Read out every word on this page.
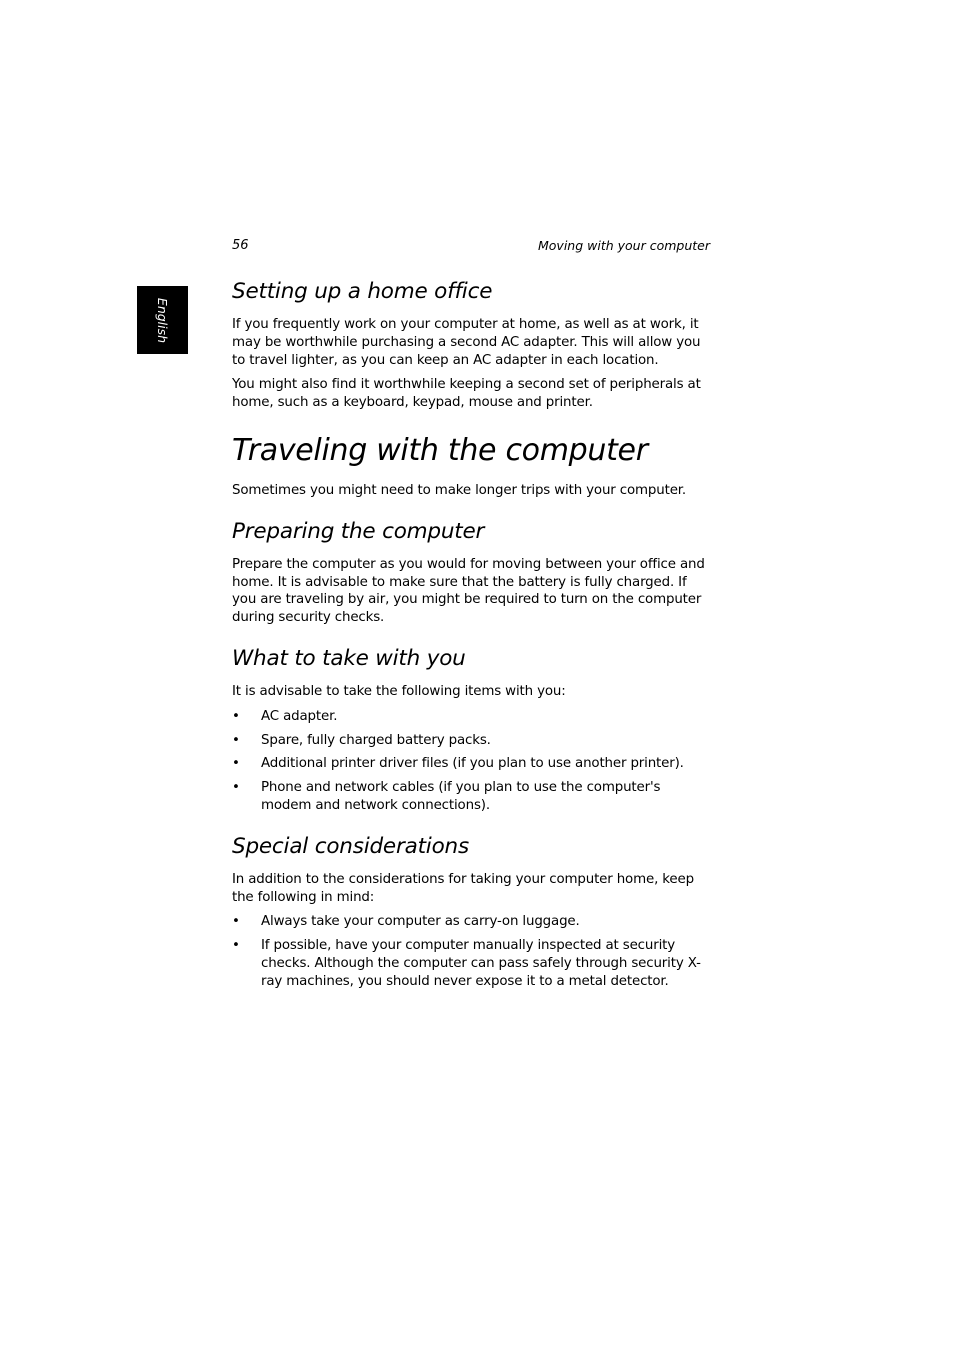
56	Moving with your computer
English
Setting up a home office

If you frequently work on your computer at home, as well as at work, it may be worthwhile purchasing a second AC adapter. This will allow you to travel lighter, as you can keep an AC adapter in each location.

You might also find it worthwhile keeping a second set of peripherals at home, such as a keyboard, keypad, mouse and printer.

Traveling with the computer

Sometimes you might need to make longer trips with your computer.

Preparing the computer

Prepare the computer as you would for moving between your office and home. It is advisable to make sure that the battery is fully charged. If you are traveling by air, you might be required to turn on the computer during security checks.

What to take with you

It is advisable to take the following items with you:

• AC adapter.
• Spare, fully charged battery packs.
• Additional printer driver files (if you plan to use another printer).
• Phone and network cables (if you plan to use the computer's modem and network connections).
Special considerations

In addition to the considerations for taking your computer home, keep the following in mind:

• Always take your computer as carry-on luggage.
• If possible, have your computer manually inspected at security checks. Although the computer can pass safely through security X-ray machines, you should never expose it to a metal detector.
